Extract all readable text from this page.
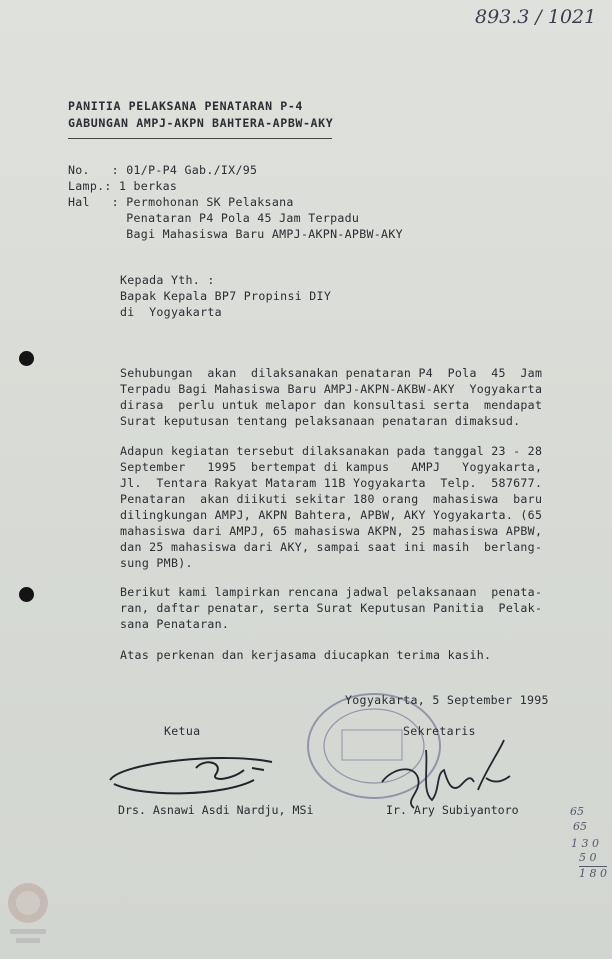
893.3 / 1021
PANITIA PELAKSANA PENATARAN P-4
GABUNGAN AMPJ-AKPN BAHTERA-APBW-AKY
No.   : 01/P-P4 Gab./IX/95
Lamp.: 1 berkas
Hal   : Permohonan SK Pelaksana
Penataran P4 Pola 45 Jam Terpadu
Bagi Mahasiswa Baru AMPJ-AKPN-APBW-AKY
Kepada Yth. :
Bapak Kepala BP7 Propinsi DIY
di  Yogyakarta
Sehubungan  akan  dilaksanakan penataran P4  Pola  45  Jam
Terpadu Bagi Mahasiswa Baru AMPJ-AKPN-AKBW-AKY  Yogyakarta
dirasa  perlu untuk melapor dan konsultasi serta  mendapat
Surat keputusan tentang pelaksanaan penataran dimaksud.
Adapun kegiatan tersebut dilaksanakan pada tanggal 23 - 28
September   1995  bertempat di kampus   AMPJ   Yogyakarta,
Jl.  Tentara Rakyat Mataram 11B Yogyakarta  Telp.  587677.
Penataran  akan diikuti sekitar 180 orang  mahasiswa  baru
dilingkungan AMPJ, AKPN Bahtera, APBW, AKY Yogyakarta. (65
mahasiswa dari AMPJ, 65 mahasiswa AKPN, 25 mahasiswa APBW,
dan 25 mahasiswa dari AKY, sampai saat ini masih  berlang-
sung PMB).
Berikut kami lampirkan rencana jadwal pelaksanaan  penata-
ran, daftar penatar, serta Surat Keputusan Panitia  Pelak-
sana Penataran.
Atas perkenan dan kerjasama diucapkan terima kasih.
Yogyakarta, 5 September 1995
Ketua	Sekretaris
Drs. Asnawi Asdi Nardju, MSi	Ir. Ary Subiyantoro	65
65
1 3 0
5 0
1 8 0
